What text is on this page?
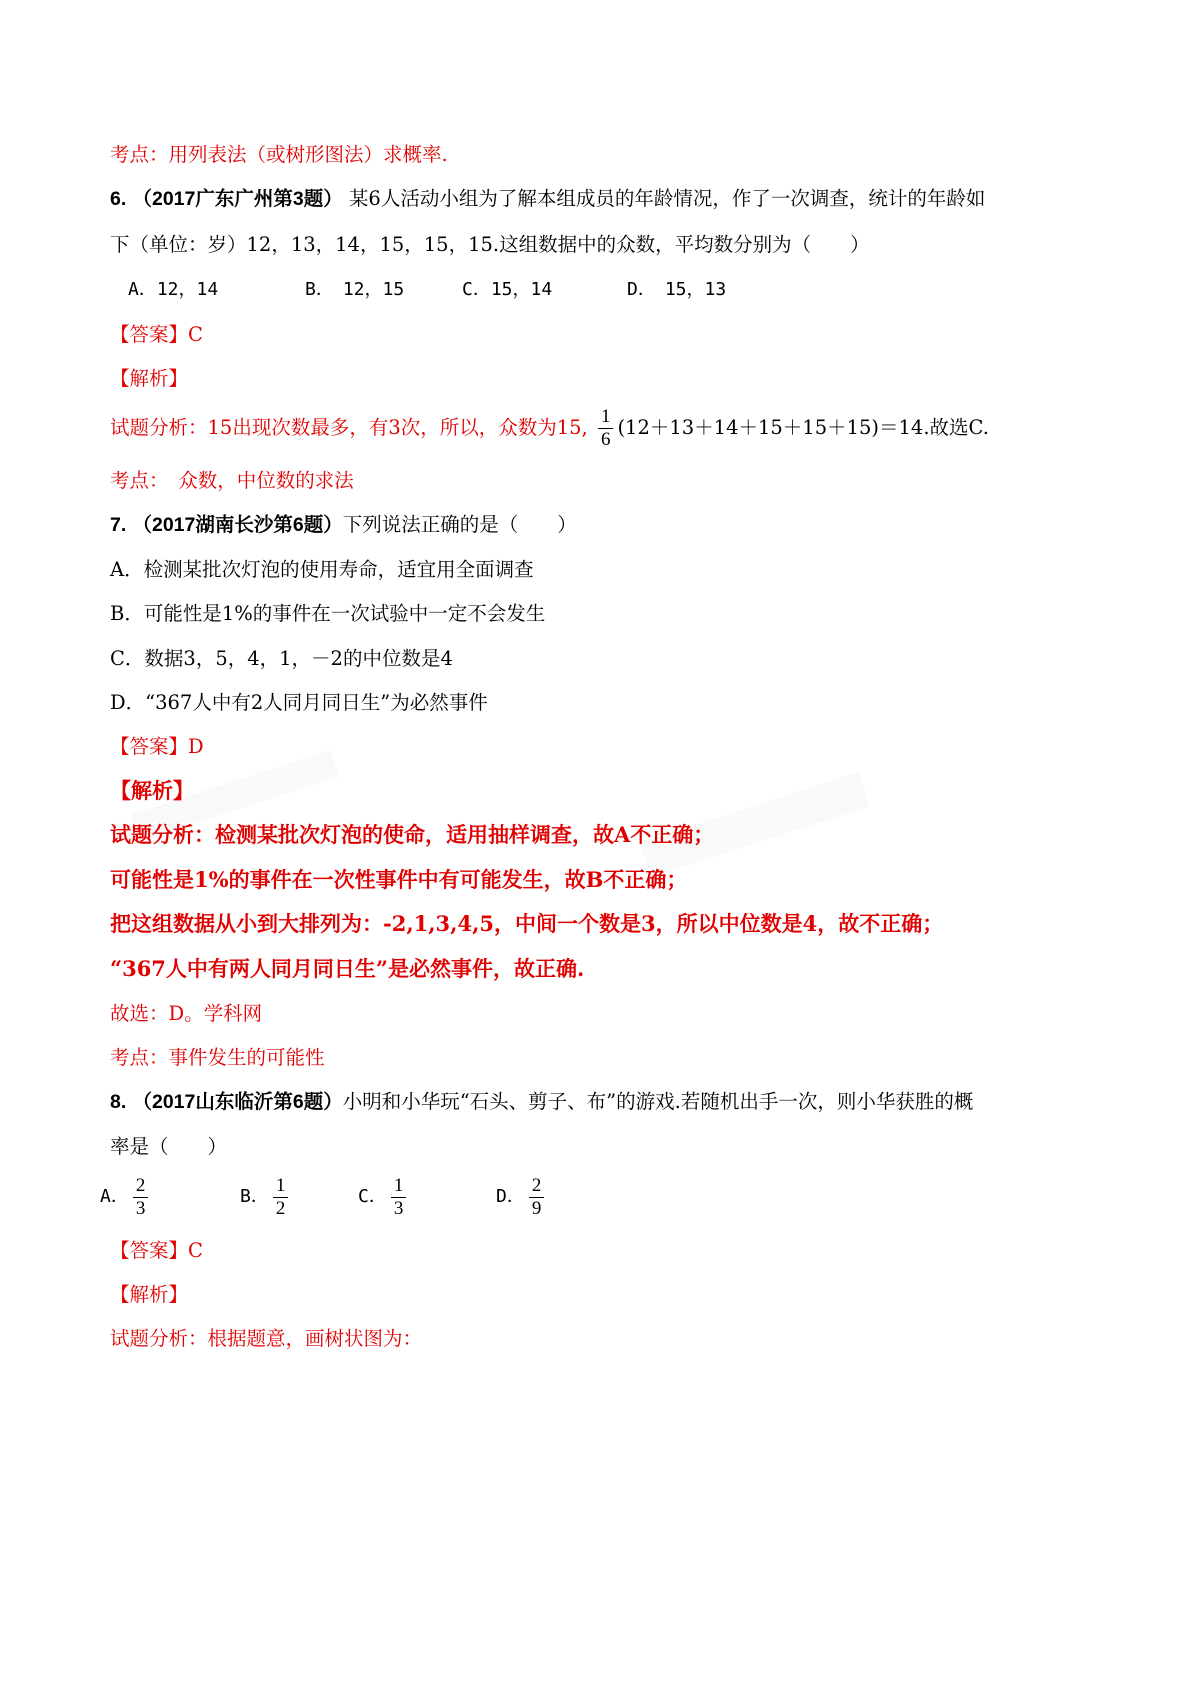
考点：用列表法（或树形图法）求概率.
6. （2017广东广州第3题） 某6人活动小组为了解本组成员的年龄情况，作了一次调查，统计的年龄如
下（单位：岁）12，13，14，15，15，15.这组数据中的众数，平均数分别为（　　）
A．12，14	B．　12，15	C．15，14	D．　15，13
【答案】C
【解析】
试题分析：15出现次数最多，有3次，所以，众数为15, $\frac{1}{6} (12+13+14+15+15+15)=14$.故选C.
考点：　众数，中位数的求法
7. （2017湖南长沙第6题）下列说法正确的是（　　）
A．检测某批次灯泡的使用寿命，适宜用全面调查
B．可能性是1%的事件在一次试验中一定不会发生
C．数据3，5，4，1，－2的中位数是4
D．“367人中有2人同月同日生”为必然事件
【答案】D
【解析】
试题分析：检测某批次灯泡的使命，适用抽样调查，故A不正确；
可能性是1%的事件在一次性事件中有可能发生，故B不正确；
把这组数据从小到大排列为：-2,1,3,4,5，中间一个数是3，所以中位数是4，故不正确；
“367人中有两人同月同日生”是必然事件，故正确.
故选：D。学科网
考点：事件发生的可能性
8. （2017山东临沂第6题）小明和小华玩“石头、剪子、布”的游戏.若随机出手一次，则小华获胜的概
率是（　　）
A． $\frac{2}{3}$	B． $\frac{1}{2}$	C． $\frac{1}{3}$	D． $\frac{2}{9}$
【答案】C
【解析】
试题分析：根据题意，画树状图为：
